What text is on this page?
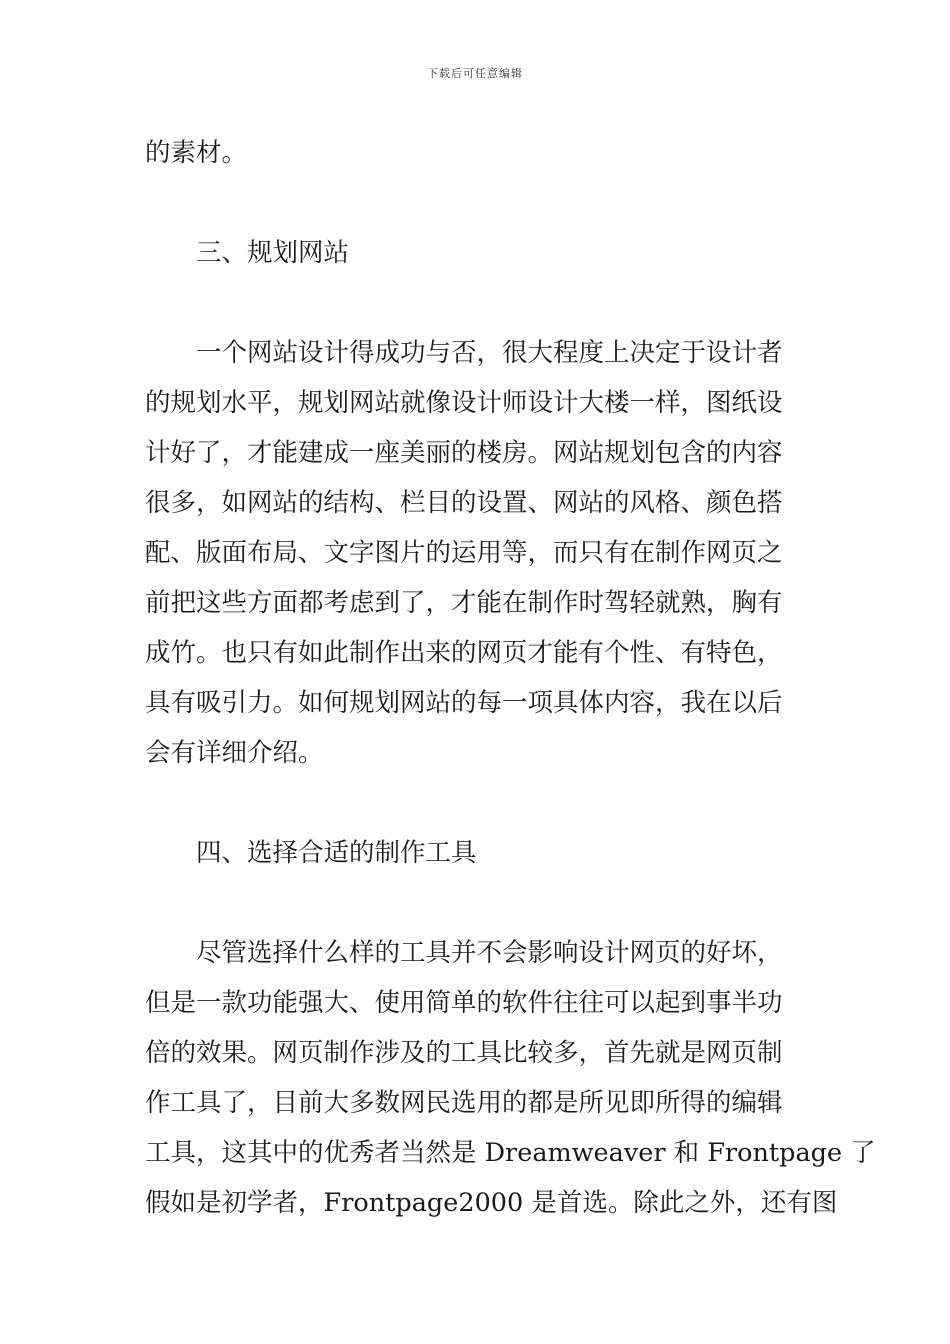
下载后可任意编辑
的素材。
三、规划网站
一个网站设计得成功与否，很大程度上决定于设计者
的规划水平，规划网站就像设计师设计大楼一样，图纸设
计好了，才能建成一座美丽的楼房。网站规划包含的内容
很多，如网站的结构、栏目的设置、网站的风格、颜色搭
配、版面布局、文字图片的运用等，而只有在制作网页之
前把这些方面都考虑到了，才能在制作时驾轻就熟，胸有
成竹。也只有如此制作出来的网页才能有个性、有特色，
具有吸引力。如何规划网站的每一项具体内容，我在以后
会有详细介绍。
四、选择合适的制作工具
尽管选择什么样的工具并不会影响设计网页的好坏，
但是一款功能强大、使用简单的软件往往可以起到事半功
倍的效果。网页制作涉及的工具比较多，首先就是网页制
作工具了，目前大多数网民选用的都是所见即所得的编辑
工具，这其中的优秀者当然是 Dreamweaver 和 Frontpage 了
假如是初学者，Frontpage2000 是首选。除此之外，还有图
